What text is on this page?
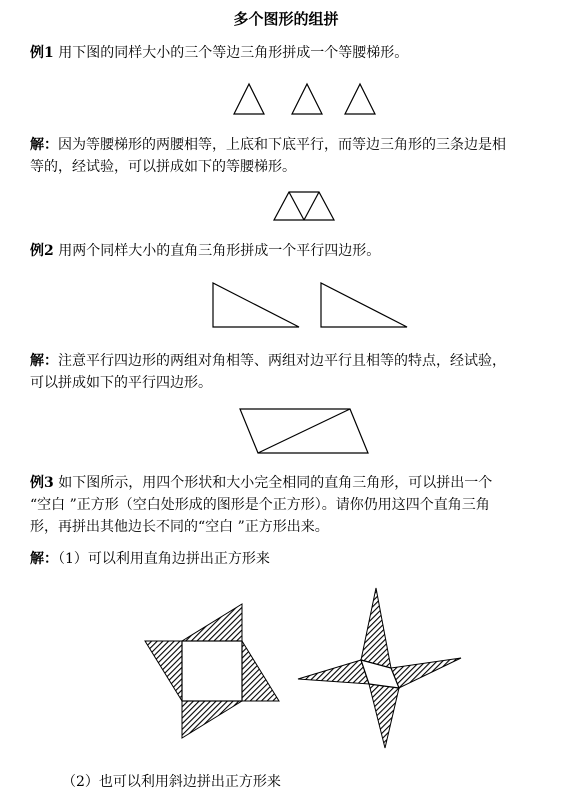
多个图形的组拼
例1 用下图的同样大小的三个等边三角形拼成一个等腰梯形。
解：因为等腰梯形的两腰相等，上底和下底平行，而等边三角形的三条边是相
等的，经试验，可以拼成如下的等腰梯形。
例2 用两个同样大小的直角三角形拼成一个平行四边形。
解：注意平行四边形的两组对角相等、两组对边平行且相等的特点，经试验，
可以拼成如下的平行四边形。
例3 如下图所示，用四个形状和大小完全相同的直角三角形，可以拼出一个
“空白 ”正方形（空白处形成的图形是个正方形）。请你仍用这四个直角三角
形，再拼出其他边长不同的“空白 ”正方形出来。
解：（1）可以利用直角边拼出正方形来
（2）也可以利用斜边拼出正方形来
